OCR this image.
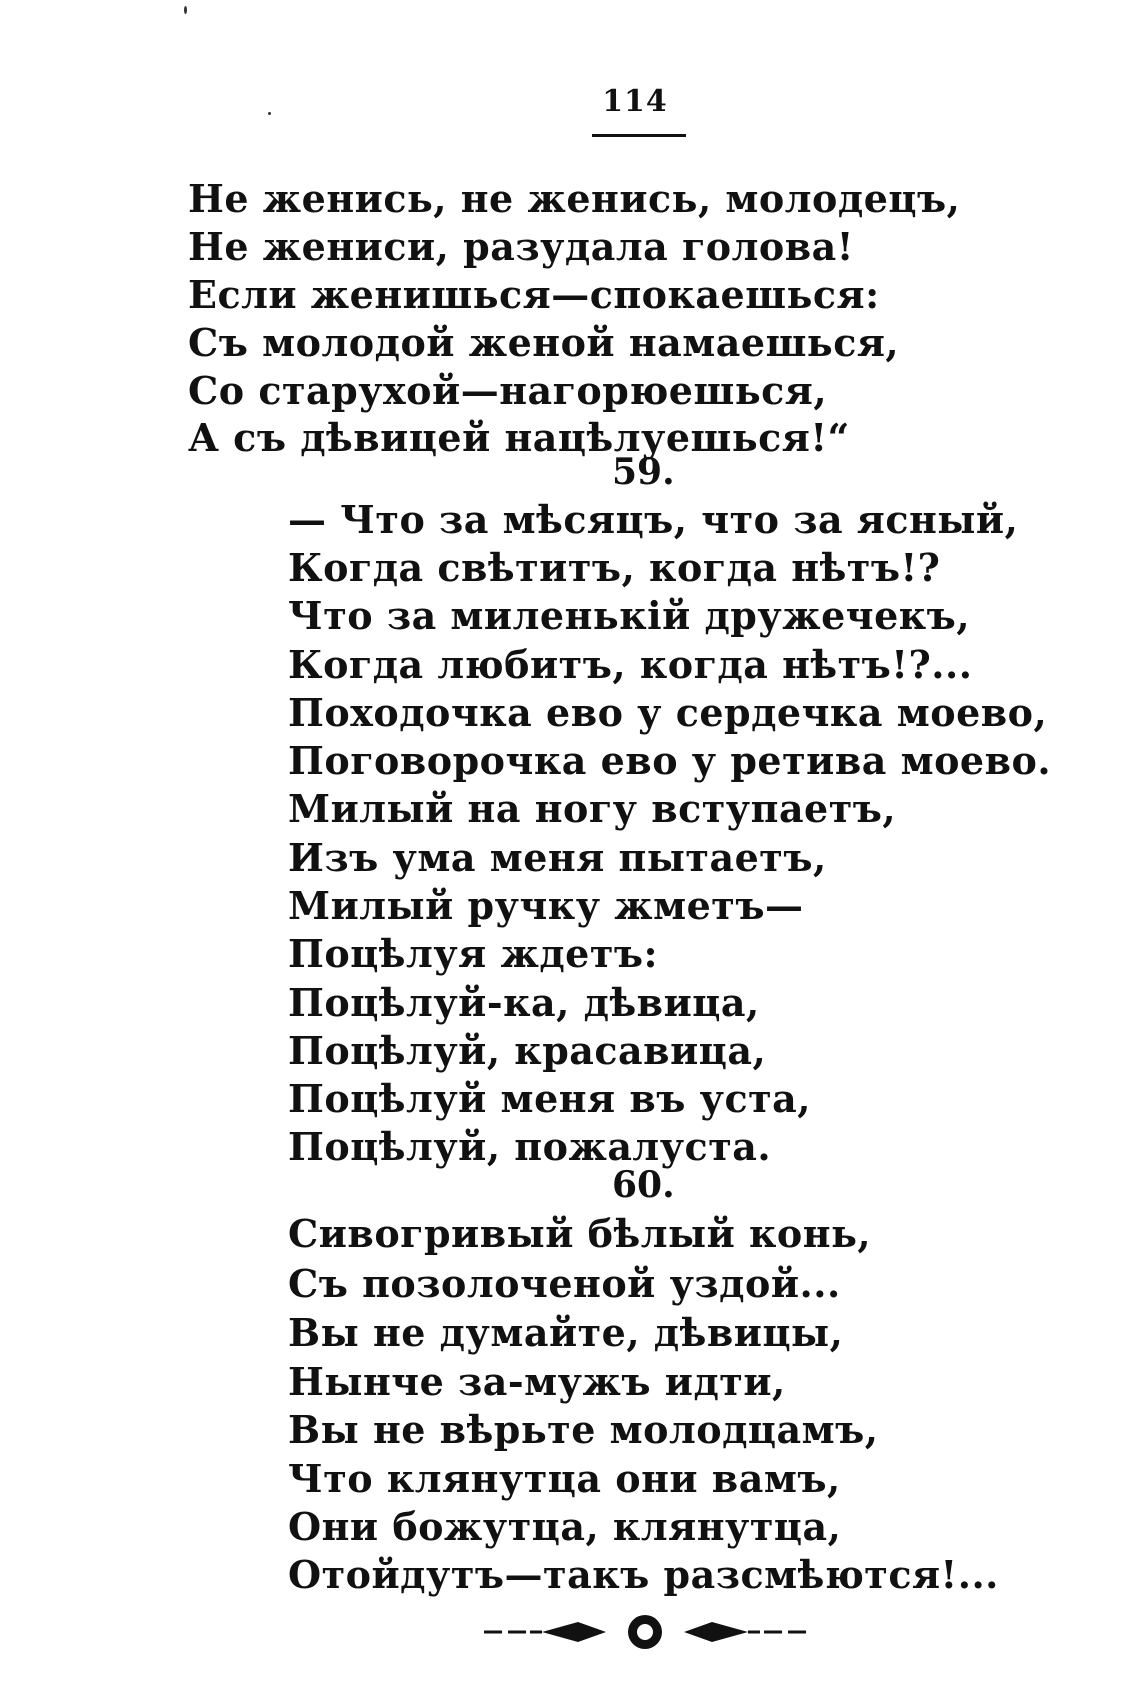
114
Не женись, не женись, молодецъ,
Не жениси, разудала голова!
Если женишься—спокаешься:
Съ молодой женой намаешься,
Со старухой—нагорюешься,
А съ дѣвицей нацѣлуешься!“
59.
— Что за мѣсяцъ, что за ясный,
Когда свѣтитъ, когда нѣтъ!?
Что за миленькій дружечекъ,
Когда любитъ, когда нѣтъ!?...
Походочка ево у сердечка моево,
Поговорочка ево у ретива моево.
Милый на ногу вступаетъ,
Изъ ума меня пытаетъ,
Милый ручку жметъ—
Поцѣлуя ждетъ:
Поцѣлуй-ка, дѣвица,
Поцѣлуй, красавица,
Поцѣлуй меня въ уста,
Поцѣлуй, пожалуста.
60.
Сивогривый бѣлый конь,
Съ позолоченой уздой...
Вы не думайте, дѣвицы,
Нынче за-мужъ идти,
Вы не вѣрьте молодцамъ,
Что клянутца они вамъ,
Они божутца, клянутца,
Отойдутъ—такъ разсмѣются!...
